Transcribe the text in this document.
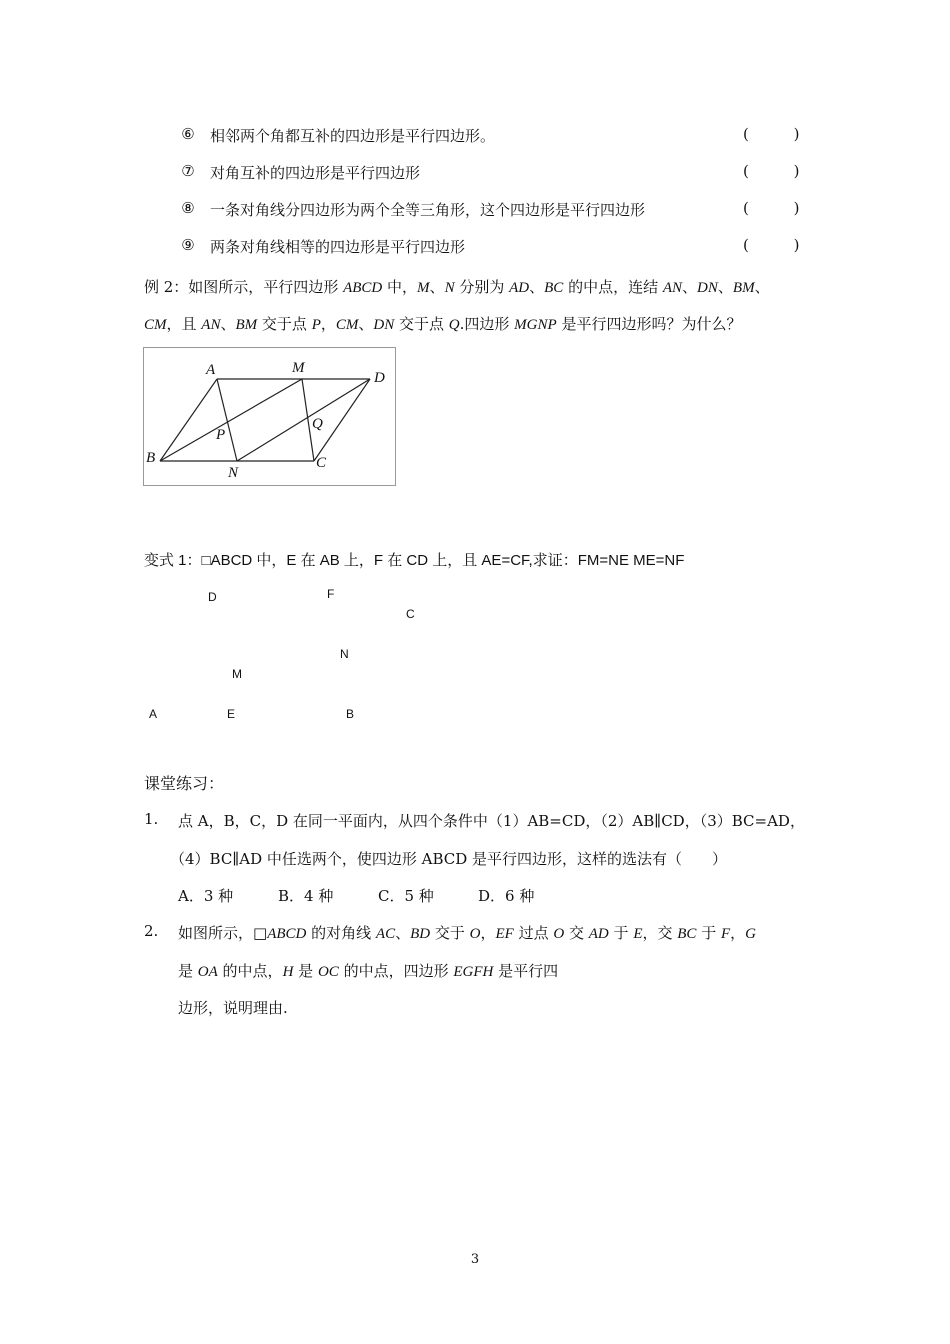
⑥	相邻两个角都互补的四边形是平行四边形。	( )
⑦	对角互补的四边形是平行四边形	( )
⑧	一条对角线分四边形为两个全等三角形，这个四边形是平行四边形	( )
⑨	两条对角线相等的四边形是平行四边形	( )
例 2：如图所示，平行四边形 ABCD 中，M、N 分别为 AD、BC 的中点，连结 AN、DN、BM、
CM，且 AN、BM 交于点 P，CM、DN 交于点 Q.四边形 MGNP 是平行四边形吗？为什么？
A	M
D
B
N
C
P
Q
变式 1：□ABCD 中，E 在 AB 上，F 在 CD 上，且 AE=CF,求证：FM=NE ME=NF
D	F
C
N
M
A	E	B
课堂练习：
1. 点 A，B，C，D 在同一平面内，从四个条件中（1）AB=CD，（2）AB∥CD，（3）BC=AD，
（4）BC∥AD 中任选两个，使四边形 ABCD 是平行四边形，这样的选法有（　　）
A．3 种	B．4 种	C．5 种	D．6 种
2. 如图所示，□ABCD 的对角线 AC、BD 交于 O，EF 过点 O 交 AD 于 E，交 BC 于 F，G
是 OA 的中点，H 是 OC 的中点，四边形 EGFH 是平行四
边形，说明理由.
3
